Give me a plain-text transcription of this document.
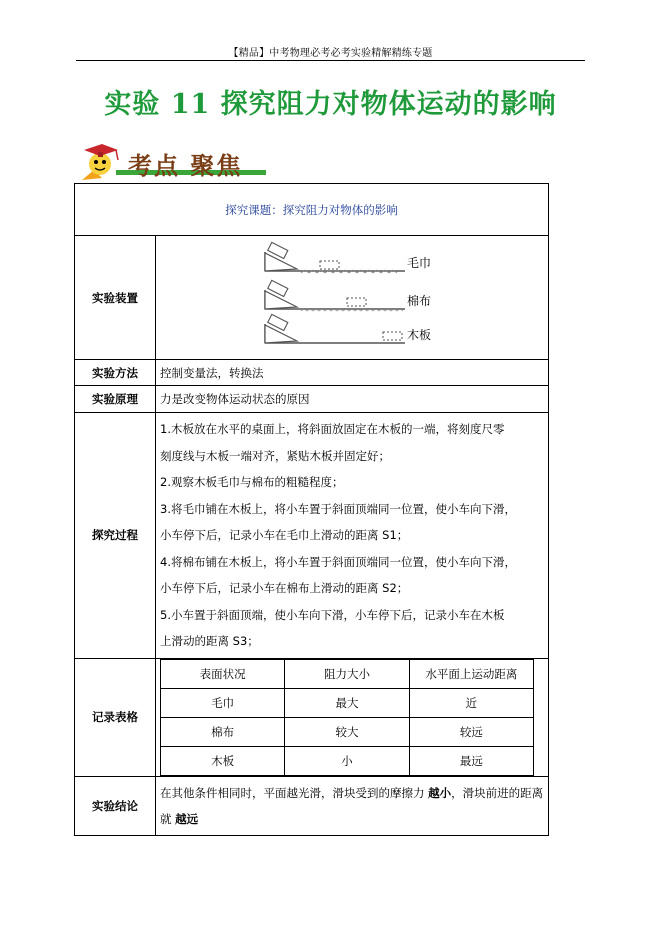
【精品】中考物理必考必考实验精解精练专题
实验 11 探究阻力对物体运动的影响
考点 聚焦
探究课题：探究阻力对物体的影响
实验装置	
毛巾
棉布
木板

实验方法	控制变量法，转换法
实验原理	力是改变物体运动状态的原因
探究过程	

1.木板放在水平的桌面上，将斜面放固定在木板的一端，将刻度尺零

刻度线与木板一端对齐，紧贴木板并固定好；

2.观察木板毛巾与棉布的粗糙程度；

3.将毛巾铺在木板上，将小车置于斜面顶端同一位置，使小车向下滑，

小车停下后，记录小车在毛巾上滑动的距离 S1；

4.将棉布铺在木板上，将小车置于斜面顶端同一位置，使小车向下滑，

小车停下后，记录小车在棉布上滑动的距离 S2；

5.小车置于斜面顶端，使小车向下滑，小车停下后，记录小车在木板

上滑动的距离 S3；

记录表格	
表面状况	阻力大小	水平面上运动距离
毛巾	最大	近
棉布	较大	较远
木板	小	最远

实验结论	在其他条件相同时，平面越光滑，滑块受到的摩擦力 越小，滑块前进的距离就 越远
